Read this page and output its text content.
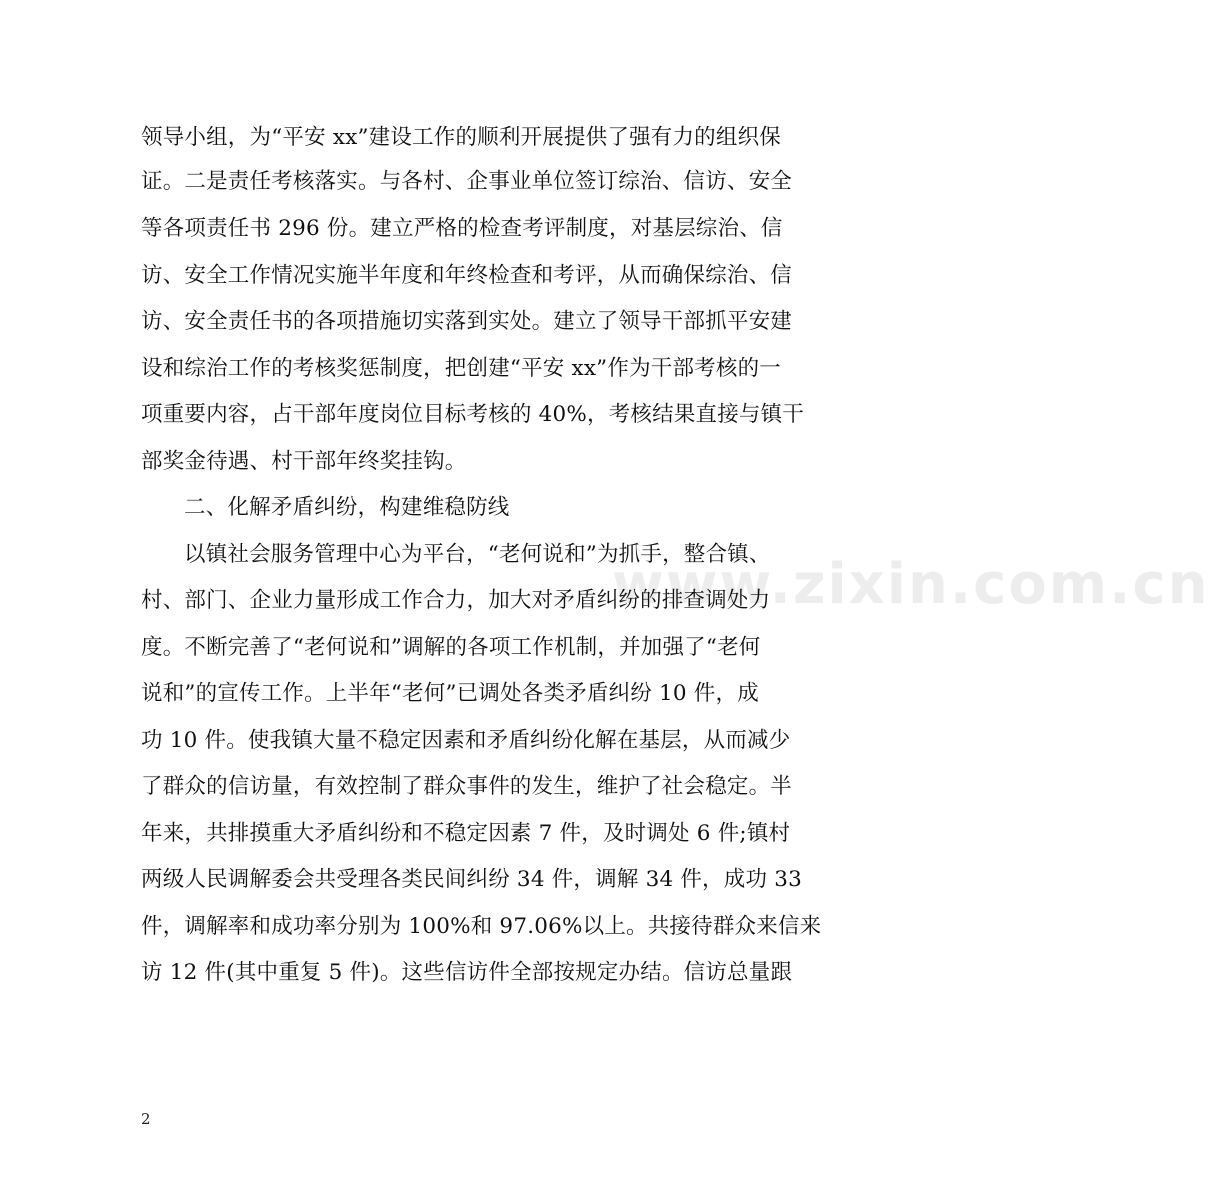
www.zixin.com.cn
领导小组，为“平安 xx”建设工作的顺利开展提供了强有力的组织保
证。二是责任考核落实。与各村、企事业单位签订综治、信访、安全
等各项责任书 296 份。建立严格的检查考评制度，对基层综治、信
访、安全工作情况实施半年度和年终检查和考评，从而确保综治、信
访、安全责任书的各项措施切实落到实处。建立了领导干部抓平安建
设和综治工作的考核奖惩制度，把创建“平安 xx”作为干部考核的一
项重要内容，占干部年度岗位目标考核的 40%，考核结果直接与镇干
部奖金待遇、村干部年终奖挂钩。
二、化解矛盾纠纷，构建维稳防线
以镇社会服务管理中心为平台，“老何说和”为抓手，整合镇、
村、部门、企业力量形成工作合力，加大对矛盾纠纷的排查调处力
度。不断完善了“老何说和”调解的各项工作机制，并加强了“老何
说和”的宣传工作。上半年“老何”已调处各类矛盾纠纷 10 件，成
功 10 件。使我镇大量不稳定因素和矛盾纠纷化解在基层，从而减少
了群众的信访量，有效控制了群众事件的发生，维护了社会稳定。半
年来，共排摸重大矛盾纠纷和不稳定因素 7 件，及时调处 6 件;镇村
两级人民调解委会共受理各类民间纠纷 34 件，调解 34 件，成功 33
件，调解率和成功率分别为 100%和 97.06%以上。共接待群众来信来
访 12 件(其中重复 5 件)。这些信访件全部按规定办结。信访总量跟
2
